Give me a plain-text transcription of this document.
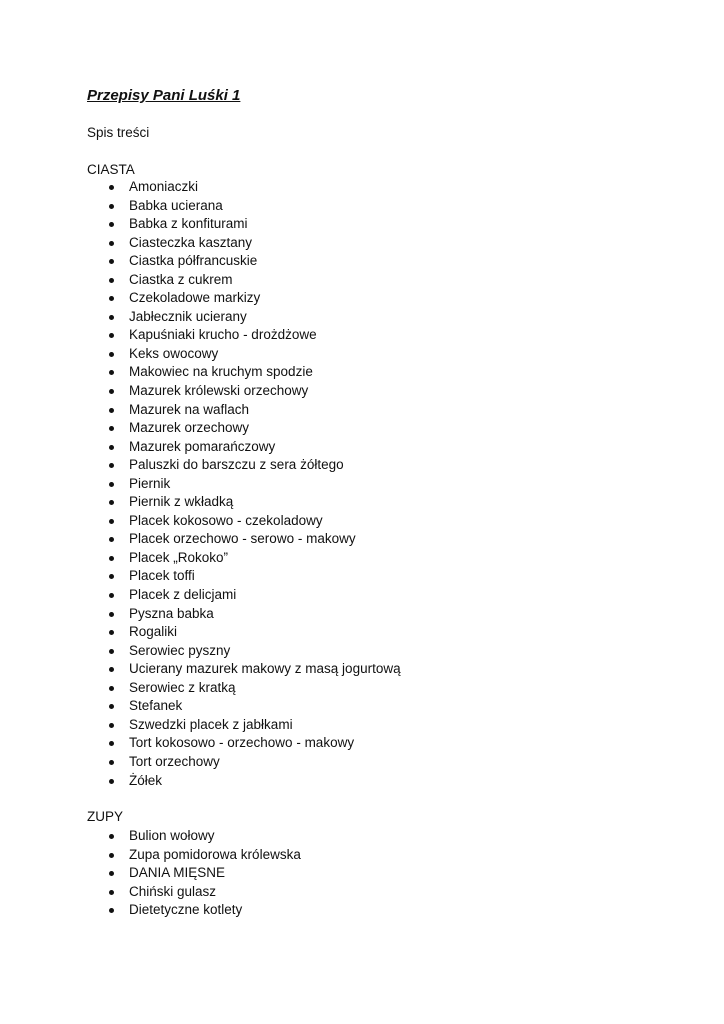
Przepisy Pani Luśki 1

Spis treści

CIASTA

Amoniaczki
Babka ucierana
Babka z konfiturami
Ciasteczka kasztany
Ciastka półfrancuskie
Ciastka z cukrem
Czekoladowe markizy
Jabłecznik ucierany
Kapuśniaki krucho - drożdżowe
Keks owocowy
Makowiec na kruchym spodzie
Mazurek królewski orzechowy
Mazurek na waflach
Mazurek orzechowy
Mazurek pomarańczowy
Paluszki do barszczu z sera żółtego
Piernik
Piernik z wkładką
Placek kokosowo - czekoladowy
Placek orzechowo - serowo - makowy
Placek „Rokoko”
Placek toffi
Placek z delicjami
Pyszna babka
Rogaliki
Serowiec pyszny
Ucierany mazurek makowy z masą jogurtową
Serowiec z kratką
Stefanek
Szwedzki placek z jabłkami
Tort kokosowo - orzechowo - makowy
Tort orzechowy
Żółek

ZUPY

Bulion wołowy
Zupa pomidorowa królewska
DANIA MIĘSNE
Chiński gulasz
Dietetyczne kotlety
